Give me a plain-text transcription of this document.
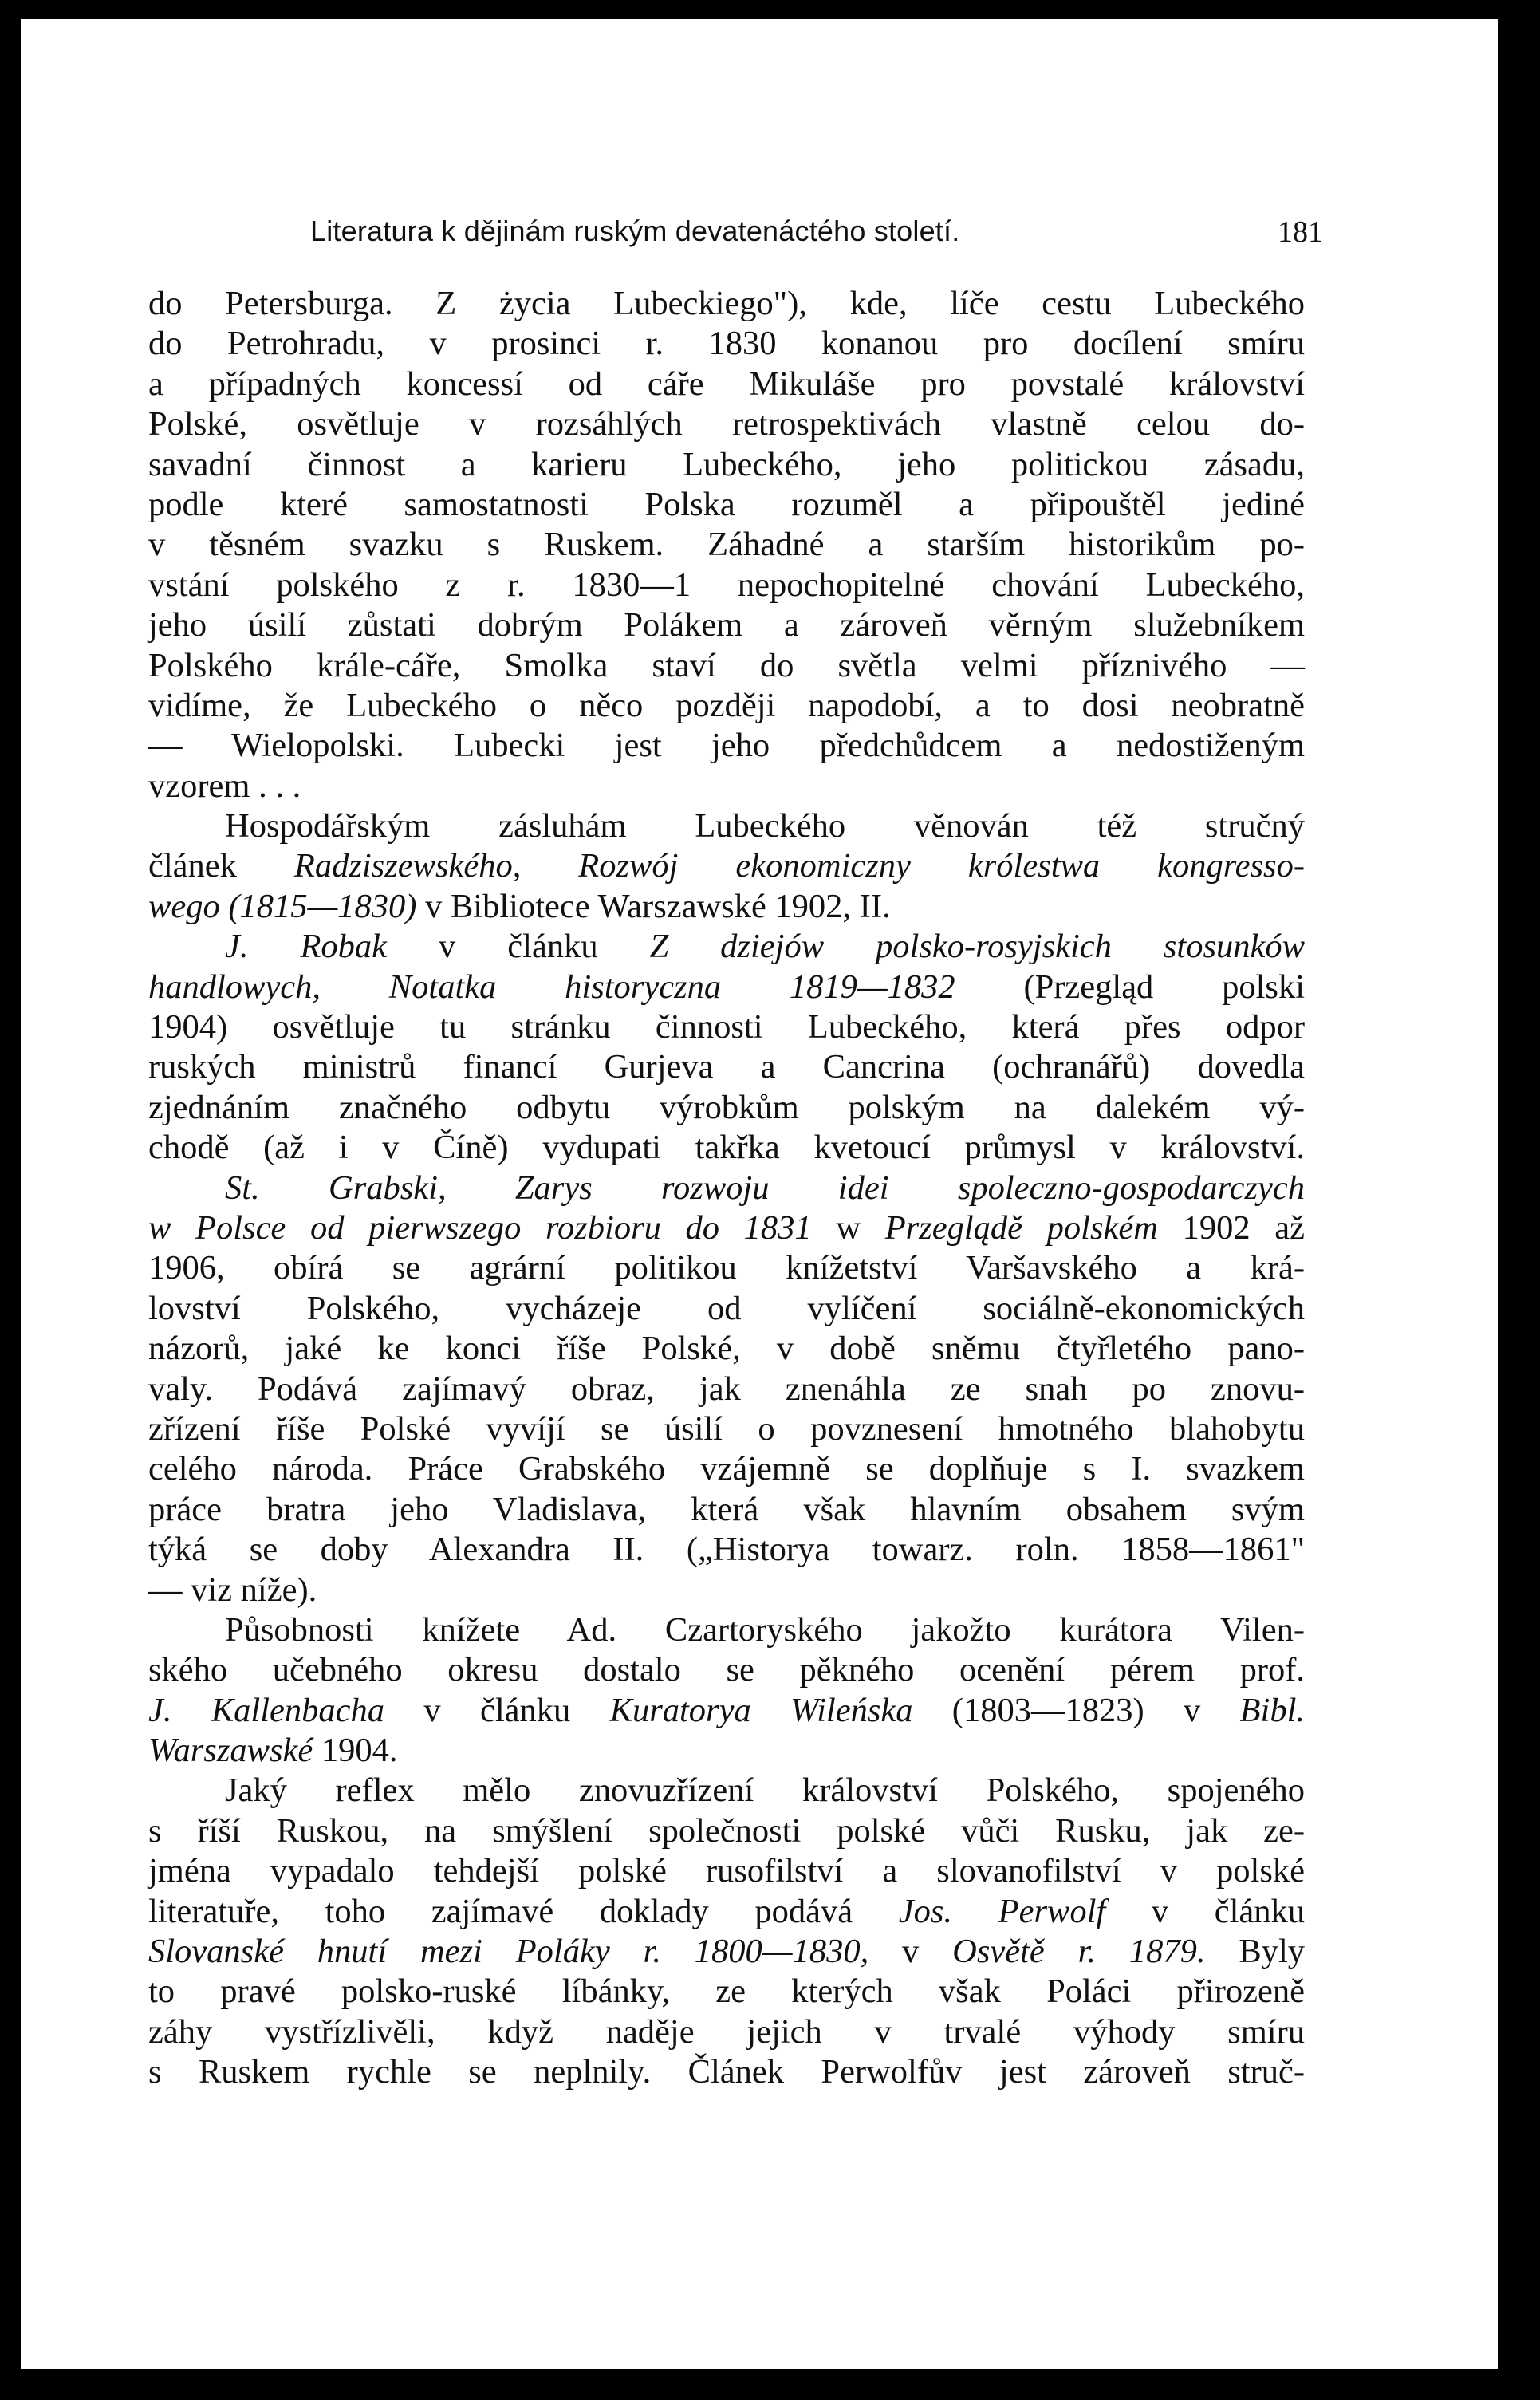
Literatura k dějinám ruským devatenáctého století.	181
do Petersburga. Z życia Lubeckiego"), kde, líče cestu Lubeckého
do Petrohradu, v prosinci r. 1830 konanou pro docílení smíru
a případných koncessí od cáře Mikuláše pro povstalé království
Polské, osvětluje v rozsáhlých retrospektivách vlastně celou do-
savadní činnost a karieru Lubeckého, jeho politickou zásadu,
podle které samostatnosti Polska rozuměl a připouštěl jediné
v těsném svazku s Ruskem. Záhadné a starším historikům po-
vstání polského z r. 1830—1 nepochopitelné chování Lubeckého,
jeho úsilí zůstati dobrým Polákem a zároveň věrným služebníkem
Polského krále-cáře, Smolka staví do světla velmi příznivého —
vidíme, že Lubeckého o něco později napodobí, a to dosi neobratně
— Wielopolski. Lubecki jest jeho předchůdcem a nedostiženým
vzorem . . .
Hospodářským zásluhám Lubeckého věnován též stručný
článek Radziszewského, Rozwój ekonomiczny królestwa kongresso-
wego (1815—1830) v Bibliotece Warszawské 1902, II.
J. Robak v článku Z dziejów polsko-rosyjskich stosunków
handlowych, Notatka historyczna 1819—1832 (Przegląd polski
1904) osvětluje tu stránku činnosti Lubeckého, která přes odpor
ruských ministrů financí Gurjeva a Cancrina (ochranářů) dovedla
zjednáním značného odbytu výrobkům polským na dalekém vý-
chodě (až i v Číně) vydupati takřka kvetoucí průmysl v království.
St. Grabski, Zarys rozwoju idei spoleczno-gospodarczych
w Polsce od pierwszego rozbioru do 1831 w Przeglądě polském 1902 až
1906, obírá se agrární politikou knížetství Varšavského a krá-
lovství Polského, vycházeje od vylíčení sociálně-ekonomických
názorů, jaké ke konci říše Polské, v době sněmu čtyřletého pano-
valy. Podává zajímavý obraz, jak znenáhla ze snah po znovu-
zřízení říše Polské vyvíjí se úsilí o povznesení hmotného blahobytu
celého národa. Práce Grabského vzájemně se doplňuje s I. svazkem
práce bratra jeho Vladislava, která však hlavním obsahem svým
týká se doby Alexandra II. („Historya towarz. roln. 1858—1861"
— viz níže).
Působnosti knížete Ad. Czartoryského jakožto kurátora Vilen-
ského učebného okresu dostalo se pěkného ocenění pérem prof.
J. Kallenbacha v článku Kuratorya Wileńska (1803—1823) v Bibl.
Warszawské 1904.
Jaký reflex mělo znovuzřízení království Polského, spojeného
s říší Ruskou, na smýšlení společnosti polské vůči Rusku, jak ze-
jména vypadalo tehdejší polské rusofilství a slovanofilství v polské
literatuře, toho zajímavé doklady podává Jos. Perwolf v článku
Slovanské hnutí mezi Poláky r. 1800—1830, v Osvětě r. 1879. Byly
to pravé polsko-ruské líbánky, ze kterých však Poláci přirozeně
záhy vystřízlivěli, když naděje jejich v trvalé výhody smíru
s Ruskem rychle se neplnily. Článek Perwolfův jest zároveň struč-
